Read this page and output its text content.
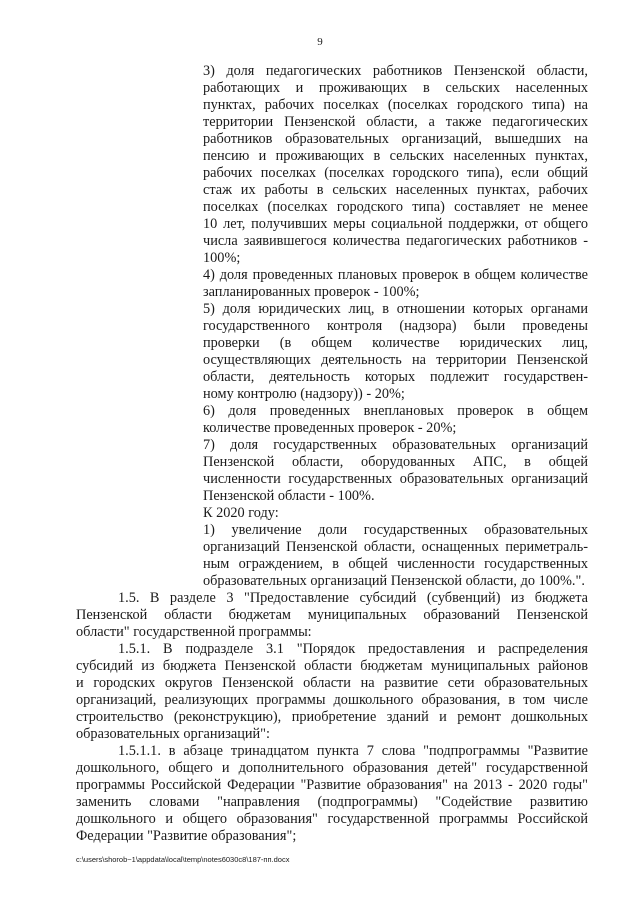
9
3) доля педагогических работников Пензенской области,
работающих и проживающих в сельских населенных
пунктах, рабочих поселках (поселках городского типа) на
территории Пензенской области, а также педагогических
работников образовательных организаций, вышедших на
пенсию и проживающих в сельских населенных пунктах,
рабочих поселках (поселках городского типа), если общий
стаж их работы в сельских населенных пунктах, рабочих
поселках (поселках городского типа) составляет не менее
10 лет, получивших меры социальной поддержки, от общего
числа заявившегося количества педагогических работников -
100%;
4) доля проведенных плановых проверок в общем количестве
запланированных проверок - 100%;
5) доля юридических лиц, в отношении которых органами
государственного контроля (надзора) были проведены
проверки (в общем количестве юридических лиц,
осуществляющих деятельность на территории Пензенской
области, деятельность которых подлежит государствен-
ному контролю (надзору)) - 20%;
6) доля проведенных внеплановых проверок в общем
количестве проведенных проверок - 20%;
7) доля государственных образовательных организаций
Пензенской области, оборудованных АПС, в общей
численности государственных образовательных организаций
Пензенской области - 100%.
К 2020 году:
1) увеличение доли государственных образовательных
организаций Пензенской области, оснащенных периметраль-
ным ограждением, в общей численности государственных
образовательных организаций Пензенской области, до 100%.".
1.5. В разделе 3 "Предоставление субсидий (субвенций) из бюджета
Пензенской области бюджетам муниципальных образований Пензенской
области" государственной программы:
1.5.1. В подразделе 3.1 "Порядок предоставления и распределения
субсидий из бюджета Пензенской области бюджетам муниципальных районов
и городских округов Пензенской области на развитие сети образовательных
организаций, реализующих программы дошкольного образования, в том числе
строительство (реконструкцию), приобретение зданий и ремонт дошкольных
образовательных организаций":
1.5.1.1. в абзаце тринадцатом пункта 7 слова "подпрограммы "Развитие
дошкольного, общего и дополнительного образования детей" государственной
программы Российской Федерации "Развитие образования" на 2013 - 2020 годы"
заменить словами "направления (подпрограммы) "Содействие развитию
дошкольного и общего образования" государственной программы Российской
Федерации "Развитие образования";
c:\users\shorob~1\appdata\local\temp\notes6030c8\187-пп.docx
